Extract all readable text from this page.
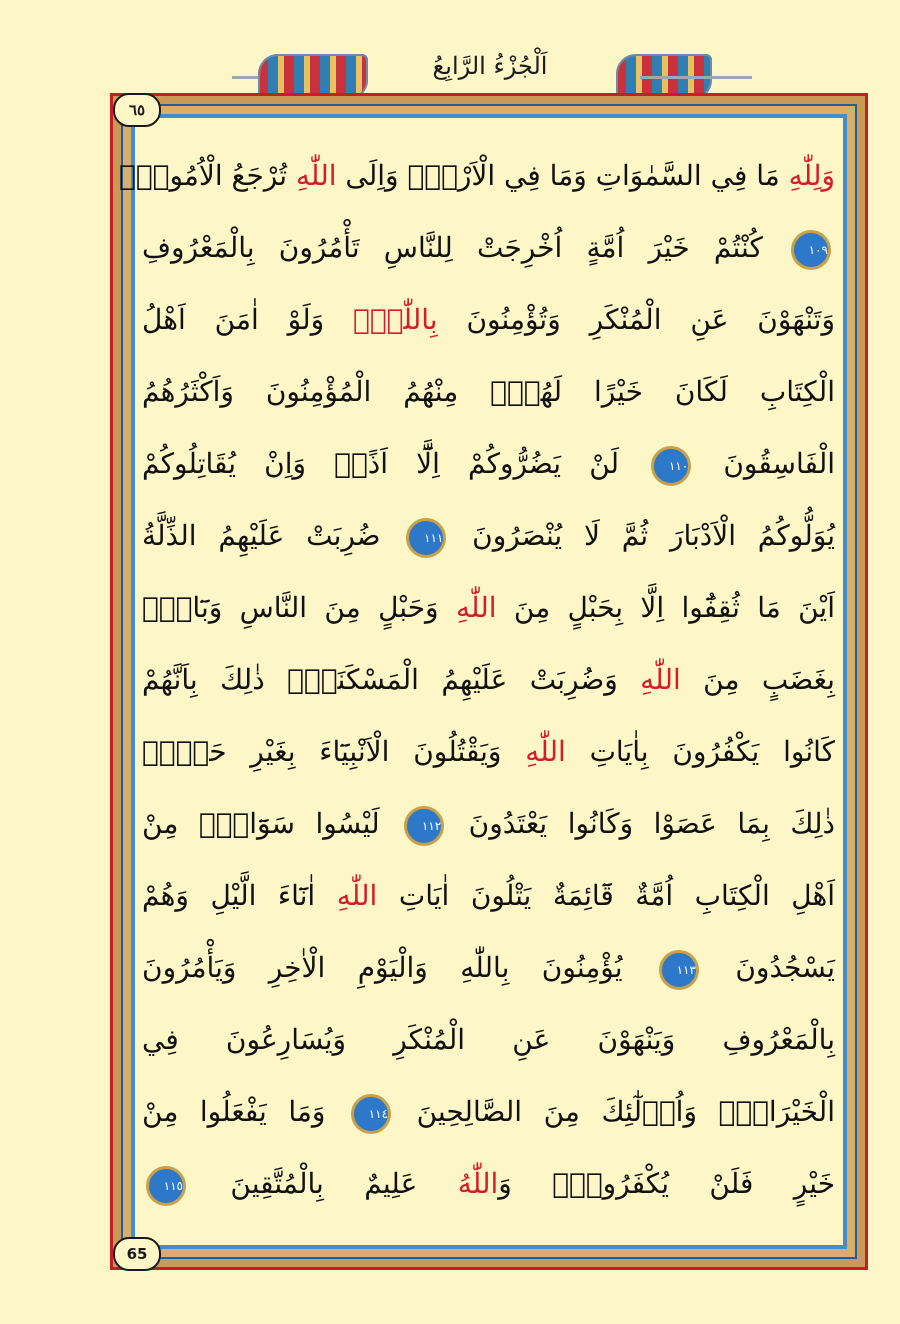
اَلْجُزْءُ الرَّابِعُ
٦٥
65
وَلِلّٰهِ مَا فِي السَّمٰوَاتِ وَمَا فِي الْاَرْضِۜ وَاِلَى اللّٰهِ تُرْجَعُ الْاُمُورُ۟
١٠٩ كُنْتُمْ خَيْرَ اُمَّةٍ اُخْرِجَتْ لِلنَّاسِ تَأْمُرُونَ بِالْمَعْرُوفِ
وَتَنْهَوْنَ عَنِ الْمُنْكَرِ وَتُؤْمِنُونَ بِاللّٰهِۜ وَلَوْ اٰمَنَ اَهْلُ
الْكِتَابِ لَكَانَ خَيْرًا لَهُمْۜ مِنْهُمُ الْمُؤْمِنُونَ وَاَكْثَرُهُمُ
الْفَاسِقُونَ ١١٠ لَنْ يَضُرُّوكُمْ اِلَّٓا اَذًىۜ وَاِنْ يُقَاتِلُوكُمْ
يُوَلُّوكُمُ الْاَدْبَارَ ثُمَّ لَا يُنْصَرُونَ ١١١ ضُرِبَتْ عَلَيْهِمُ الذِّلَّةُ
اَيْنَ مَا ثُقِفُٓوا اِلَّا بِحَبْلٍ مِنَ اللّٰهِ وَحَبْلٍ مِنَ النَّاسِ وَبَٓاؤُ۫
بِغَضَبٍ مِنَ اللّٰهِ وَضُرِبَتْ عَلَيْهِمُ الْمَسْكَنَةُۜ ذٰلِكَ بِاَنَّهُمْ
كَانُوا يَكْفُرُونَ بِاٰيَاتِ اللّٰهِ وَيَقْتُلُونَ الْاَنْبِيَٓاءَ بِغَيْرِ حَقٍّۜ
ذٰلِكَ بِمَا عَصَوْا وَكَانُوا يَعْتَدُونَ ١١٢ لَيْسُوا سَوَٓاءًۜ مِنْ
اَهْلِ الْكِتَابِ اُمَّةٌ قَٓائِمَةٌ يَتْلُونَ اٰيَاتِ اللّٰهِ اٰنَٓاءَ الَّيْلِ وَهُمْ
يَسْجُدُونَ ١١٣ يُؤْمِنُونَ بِاللّٰهِ وَالْيَوْمِ الْاٰخِرِ وَيَأْمُرُونَ
بِالْمَعْرُوفِ وَيَنْهَوْنَ عَنِ الْمُنْكَرِ وَيُسَارِعُونَ فِي
الْخَيْرَاتِۜ وَاُو۬لٰٓئِكَ مِنَ الصَّالِحِينَ ١١٤ وَمَا يَفْعَلُوا مِنْ
خَيْرٍ فَلَنْ يُكْفَرُوهُۜ وَاللّٰهُ عَلِيمٌ بِالْمُتَّقِينَ ١١٥
